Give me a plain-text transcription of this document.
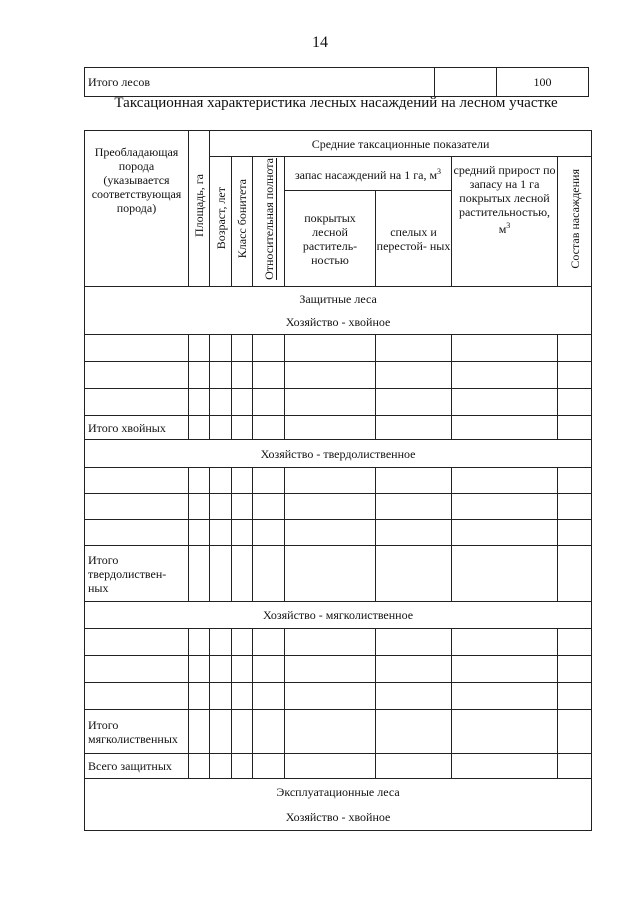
14
Итого лесов		100
Таксационная характеристика лесных насаждений на лесном участке
Преобладающая порода (указывается соответствующая порода)	Площадь, га	Средние таксационные показатели						

		Возраст, лет	Класс бонитета	Относительная полнота	запас насаждений на 1 га, $м^3$		средний прирост по запасу на 1 га покрытых лесной растительностью, $м^3$	Состав насаждения

					покрытых лесной раститель- ностью	спелых и перестой- ных		
Защитные леса								
Хозяйство - хвойное								

Итого хвойных								
Хозяйство - твердолиственное								

Итого твердолиствен- ных								
Хозяйство - мягколиственное								

Итого мягколиственных								
Всего защитных								
Эксплуатационные леса								
Хозяйство - хвойное								
